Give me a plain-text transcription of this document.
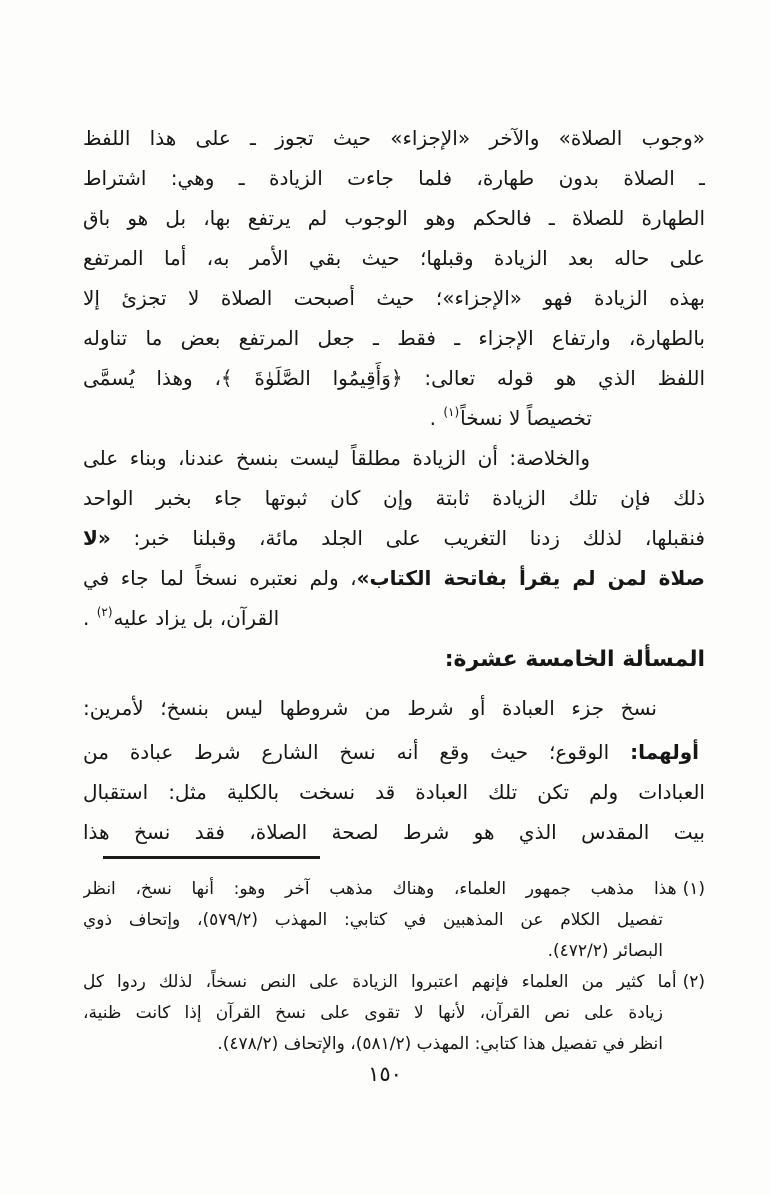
«وجوب الصلاة» والآخر «الإجزاء» حيث تجوز ـ على هذا اللفظ
ـ الصلاة بدون طهارة، فلما جاءت الزيادة ـ وهي: اشتراط
الطهارة للصلاة ـ فالحكم وهو الوجوب لم يرتفع بها، بل هو باق
على حاله بعد الزيادة وقبلها؛ حيث بقي الأمر به، أما المرتفع
بهذه الزيادة فهو «الإجزاء»؛ حيث أصبحت الصلاة لا تجزئ إلا
بالطهارة، وارتفاع الإجزاء ـ فقط ـ جعل المرتفع بعض ما تناوله
اللفظ الذي هو قوله تعالى: ﴿وَأَقِيمُوا الصَّلَوٰةَ ﴾، وهذا يُسمَّى
تخصيصاً لا نسخاً$^{(١)}$ .
والخلاصة: أن الزيادة مطلقاً ليست بنسخ عندنا، وبناء على
ذلك فإن تلك الزيادة ثابتة وإن كان ثبوتها جاء بخبر الواحد
فنقبلها، لذلك زدنا التغريب على الجلد مائة، وقبلنا خبر: «لا
صلاة لمن لم يقرأ بفاتحة الكتاب»، ولم نعتبره نسخاً لما جاء في
القرآن، بل يزاد عليه$^{(٢)}$ .
المسألة الخامسة عشرة:
نسخ جزء العبادة أو شرط من شروطها ليس بنسخ؛ لأمرين:
أولهما: الوقوع؛ حيث وقع أنه نسخ الشارع شرط عبادة من
العبادات ولم تكن تلك العبادة قد نسخت بالكلية مثل: استقبال
بيت المقدس الذي هو شرط لصحة الصلاة، فقد نسخ هذا
(١)هذا مذهب جمهور العلماء، وهناك مذهب آخر وهو: أنها نسخ، انظر
تفصيل الكلام عن المذهبين في كتابي: المهذب (٥٧٩/٢)، وإتحاف ذوي
البصائر (٤٧٢/٢).
(٢)أما كثير من العلماء فإنهم اعتبروا الزيادة على النص نسخاً، لذلك ردوا كل
زيادة على نص القرآن، لأنها لا تقوى على نسخ القرآن إذا كانت ظنية،
انظر في تفصيل هذا كتابي: المهذب (٥٨١/٢)، والإتحاف (٤٧٨/٢).
١٥٠
